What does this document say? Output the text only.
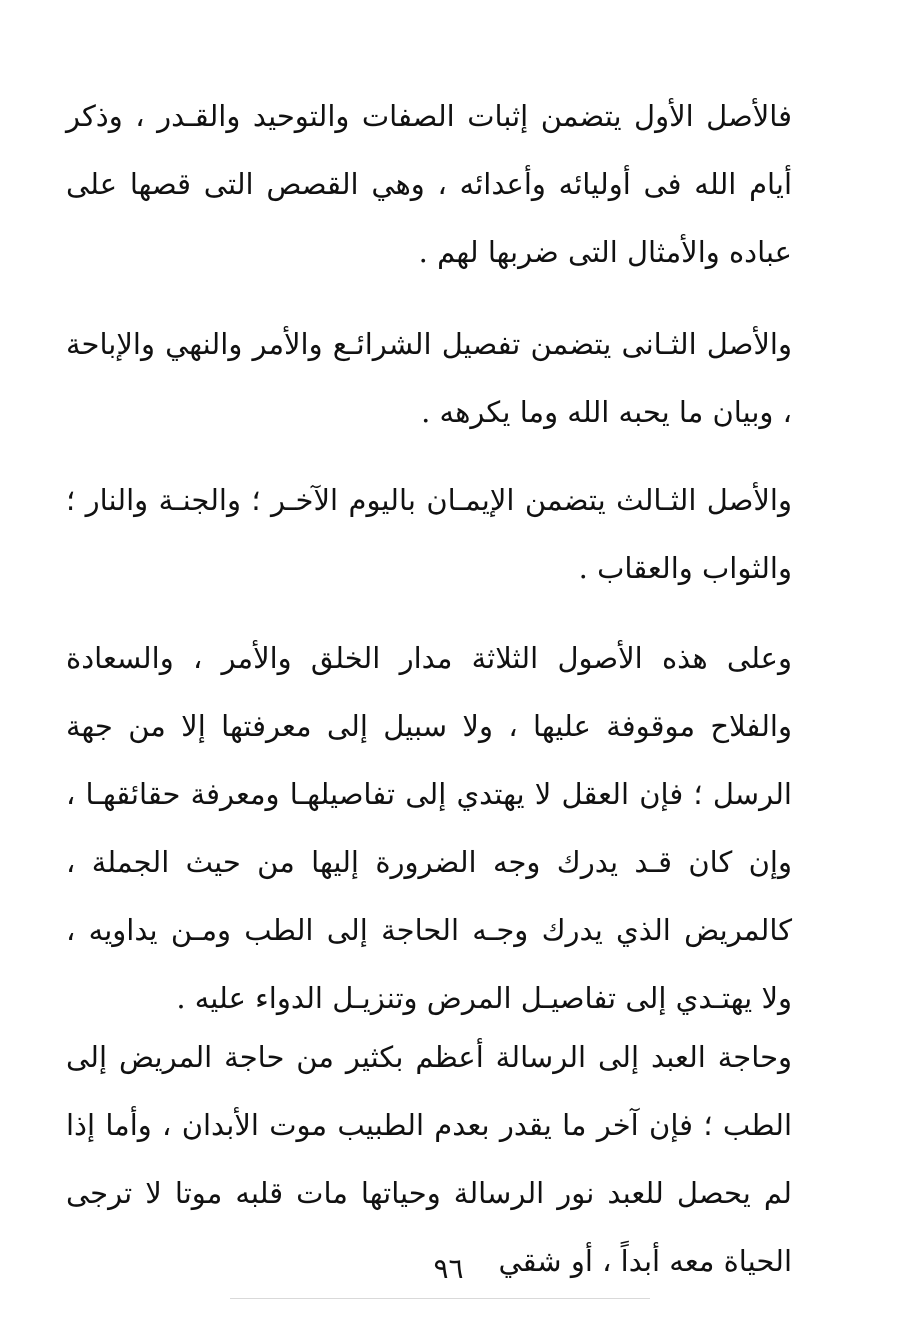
فالأصل الأول يتضمن إثبات الصفات والتوحيد والقـدر ، وذكر أيام الله فى أوليائه وأعدائه ، وهي القصص التى قصها على عباده والأمثال التى ضربها لهم .

والأصل الثـانى يتضمن تفصيل الشرائـع والأمر والنهي والإباحة ، وبيان ما يحبه الله وما يكرهه .

والأصل الثـالث يتضمن الإيمـان باليوم الآخـر ؛ والجنـة والنار ؛ والثواب والعقاب .

وعلى هذه الأصول الثلاثة مدار الخلق والأمر ، والسعادة والفلاح موقوفة عليها ، ولا سبيل إلى معرفتها إلا من جهة الرسل ؛ فإن العقل لا يهتدي إلى تفاصيلهـا ومعرفة حقائقهـا ، وإن كان قـد يدرك وجه الضرورة إليها من حيث الجملة ، كالمريض الذي يدرك وجـه الحاجة إلى الطب ومـن يداويه ، ولا يهتـدي إلى تفاصيـل المرض وتنزيـل الدواء عليه .

وحاجة العبد إلى الرسالة أعظم بكثير من حاجة المريض إلى الطب ؛ فإن آخر ما يقدر بعدم الطبيب موت الأبدان ، وأما إذا لم يحصل للعبد نور الرسالة وحياتها مات قلبه موتا لا ترجى الحياة معه أبداً ، أو شقي

٩٦
